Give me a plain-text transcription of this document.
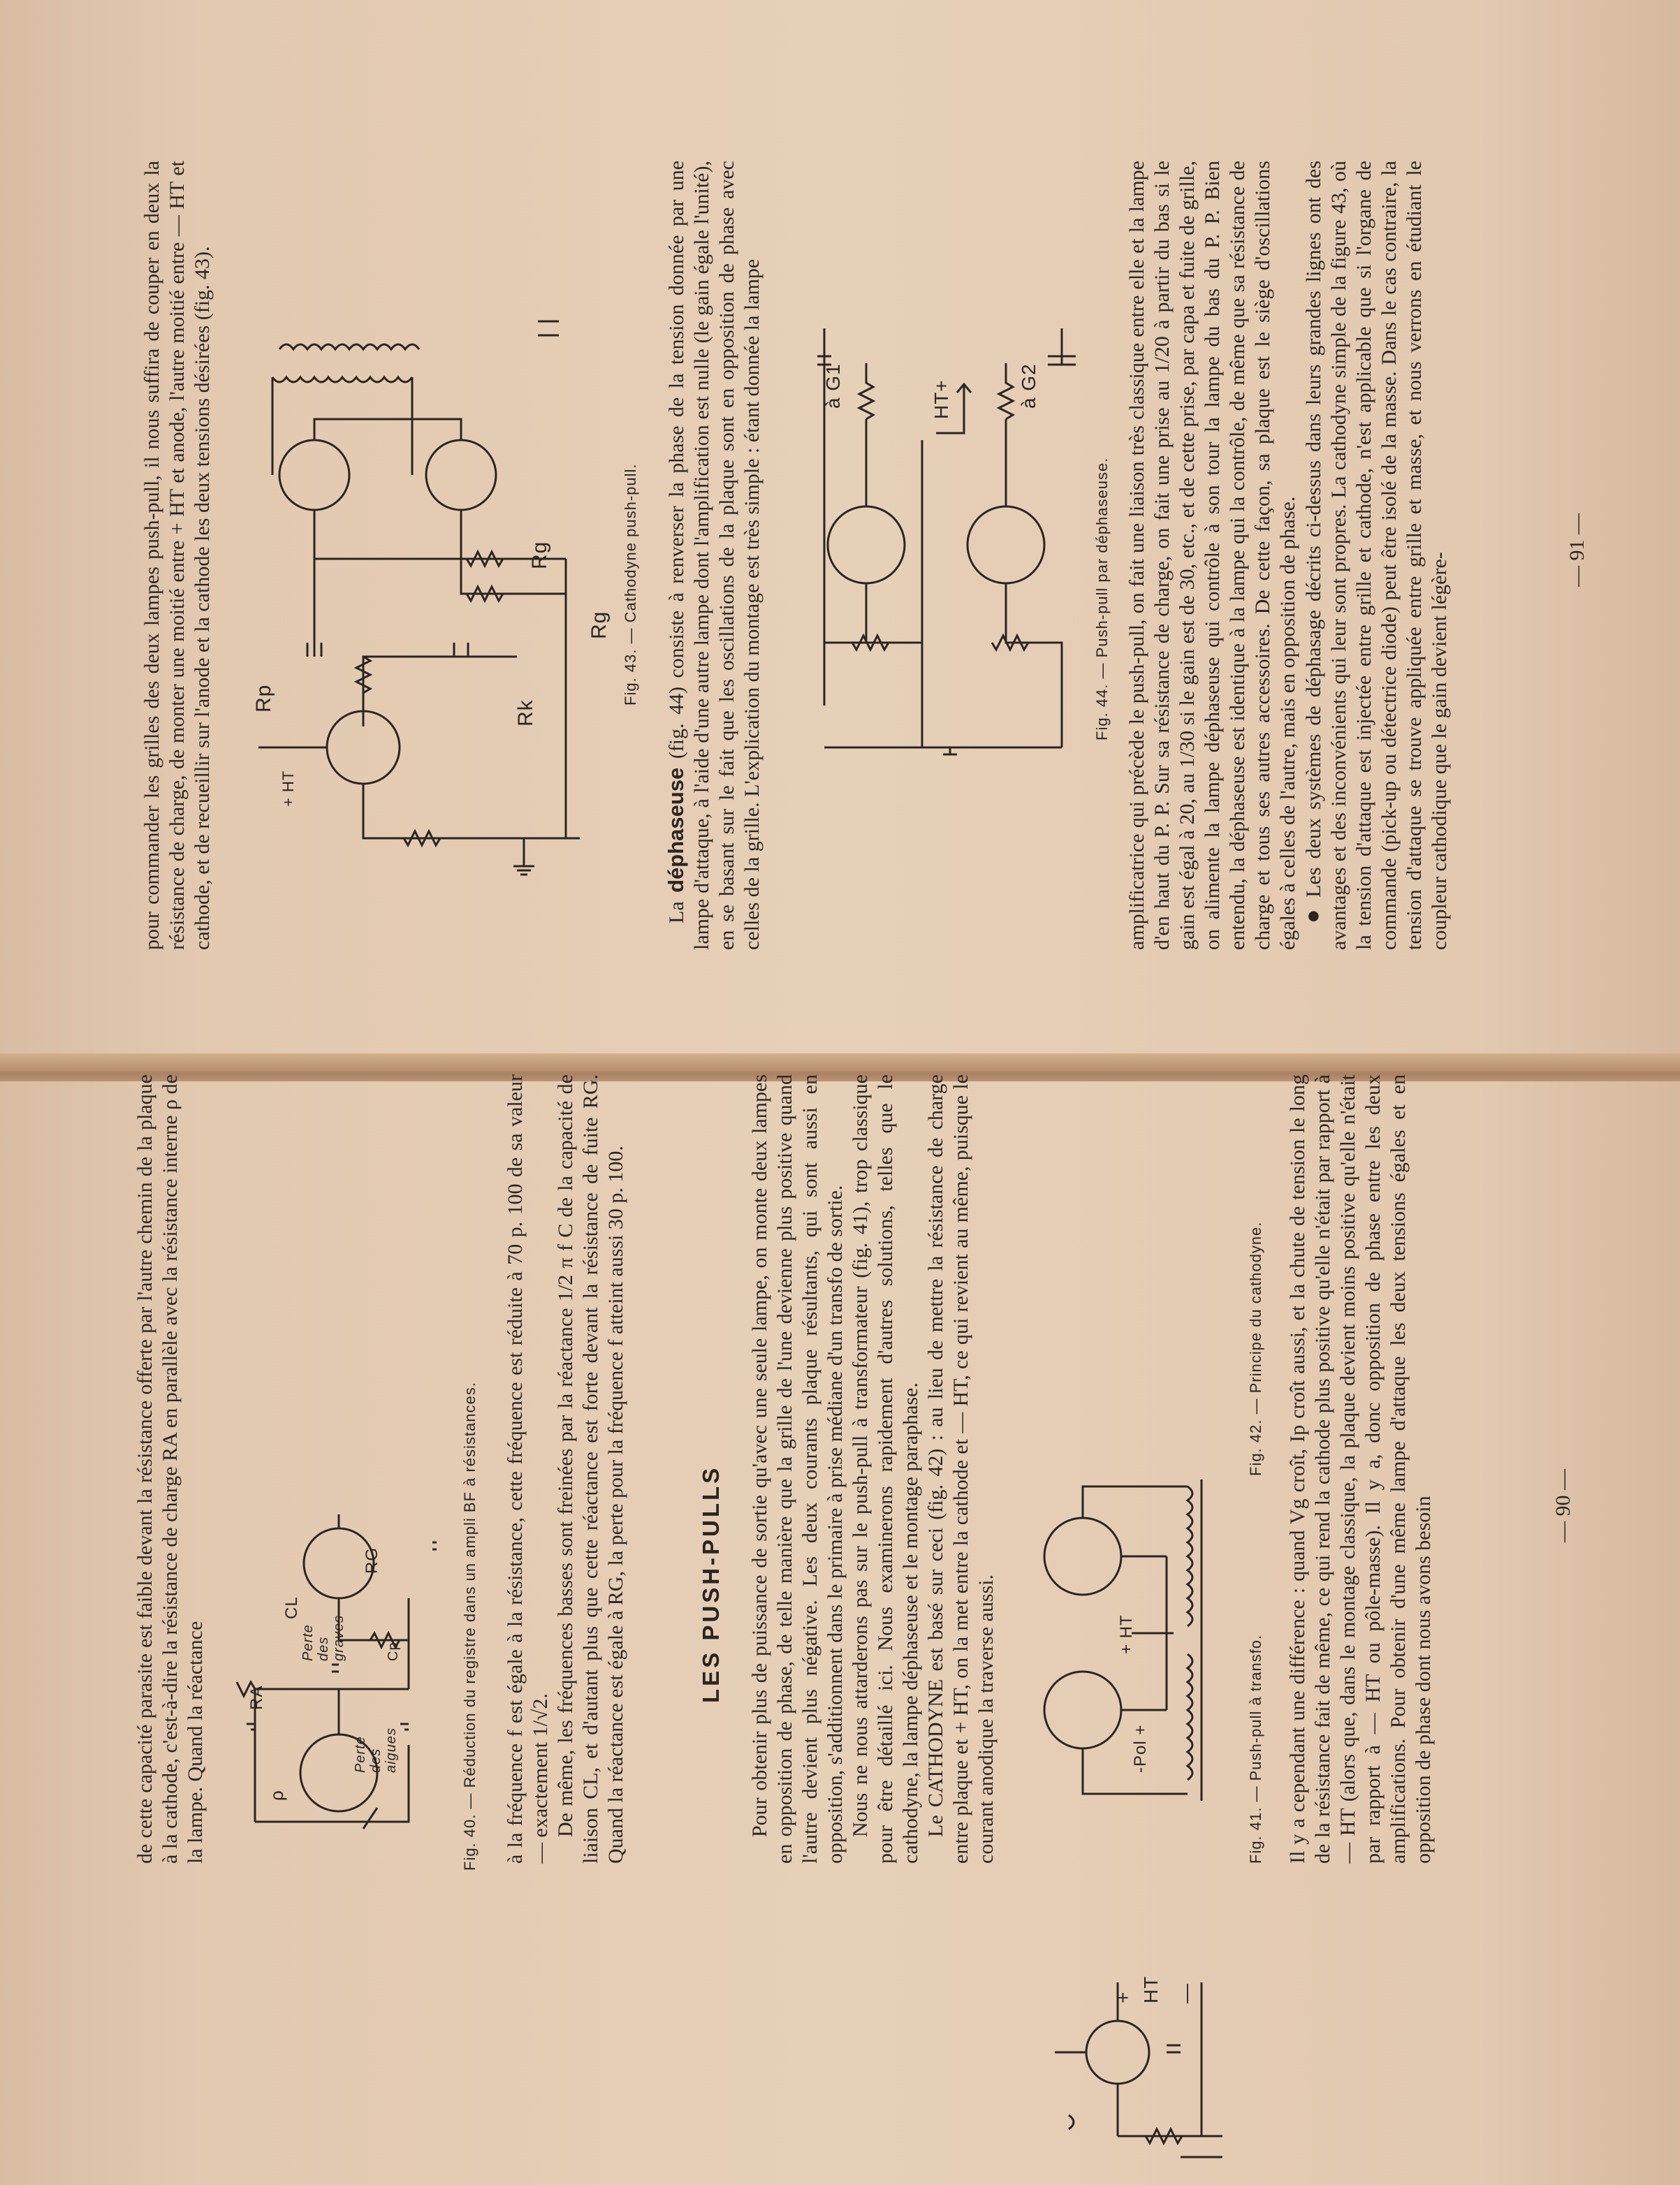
pour commander les grilles des deux lampes push-pull, il nous suffira de couper en deux la résistance de charge, de monter une moitié entre + HT et anode, l'autre moitié entre — HT et cathode, et de recueillir sur l'anode et la cathode les deux tensions désirées (fig. 43).	+ HT
Rp
Rk
Rg
Rg Fig. 43. — Cathodyne push-pull.

La déphaseuse (fig. 44) consiste à renverser la phase de la tension donnée par une lampe d'attaque, à l'aide d'une autre lampe dont l'amplification est nulle (le gain égale l'unité), en se basant sur le fait que les oscillations de la plaque sont en opposition de phase avec celles de la grille. L'explication du montage est très simple : étant donnée la lampe	à G1	HT+	à G2
Fig. 44. — Push-pull par déphaseuse. amplificatrice qui précède le push-pull, on fait une liaison très classique entre elle et la lampe d'en haut du P. P. Sur sa résistance de charge, on fait une prise au 1/20 à partir du bas si le gain est égal à 20, au 1/30 si le gain est de 30, etc., et de cette prise, par capa et fuite de grille, on alimente la lampe déphaseuse qui contrôle à son tour la lampe du bas du P. P. Bien entendu, la déphaseuse est identique à la lampe qui la contrôle, de même que sa résistance de charge et tous ses autres accessoires. De cette façon, sa plaque est le siège d'oscillations égales à celles de l'autre, mais en opposition de phase. ● Les deux systèmes de déphasage décrits ci-dessus dans leurs grandes lignes ont des avantages et des inconvénients qui leur sont propres. La cathodyne simple de la figure 43, où la tension d'attaque est injectée entre grille et cathode, n'est applicable que si l'organe de commande (pick-up ou détectrice diode) peut être isolé de la masse. Dans le cas contraire, la tension d'attaque se trouve appliquée entre grille et masse, et nous verrons en étudiant le coupleur cathodique que le gain devient légère-

— 91 —

de cette capacité parasite est faible devant la résistance offerte par l'autre chemin de la plaque à la cathode, c'est-à-dire la résistance de charge RA en parallèle avec la résistance interne ρ de la lampe. Quand la réactance RA
CL
RG
ρ
Perte des aigues
Perte des graves	Cp	Fig. 40. — Réduction du registre dans un ampli BF à résistances. à la fréquence f est égale à la résistance, cette fréquence est réduite à 70 p. 100 de sa valeur — exactement 1/√2. De même, les fréquences basses sont freinées par la réactance 1/2 π f C de la capacité de liaison CL, et d'autant plus que cette réactance est forte devant la résistance de fuite RG. Quand la réactance est égale à RG, la perte pour la fréquence f atteint aussi 30 p. 100.	LES PUSH-PULLS Pour obtenir plus de puissance de sortie qu'avec une seule lampe, on monte deux lampes en opposition de phase, de telle manière que la grille de l'une devienne plus positive quand l'autre devient plus négative. Les deux courants plaque résultants, qui sont aussi en opposition, s'additionnent dans le primaire à prise médiane d'un transfo de sortie. Nous ne nous attarderons pas sur le push-pull à transformateur (fig. 41), trop classique pour être détaillé ici. Nous examinerons rapidement d'autres solutions, telles que le cathodyne, la lampe déphaseuse et le montage paraphase. Le CATHODYNE est basé sur ceci (fig. 42) : au lieu de mettre la résistance de charge entre plaque et + HT, on la met entre la cathode et — HT, ce qui revient au même, puisque le courant anodique la traverse aussi.	-Pol +
+ HT
+ —
HT
Fig. 41. — Push-pull à transfo.
Fig. 42. — Principe du cathodyne. Il y a cependant une différence : quand Vg croît, Ip croît aussi, et la chute de tension le long de la résistance fait de même, ce qui rend la cathode plus positive qu'elle n'était par rapport à — HT (alors que, dans le montage classique, la plaque devient moins positive qu'elle n'était par rapport à — HT ou pôle-masse). Il y a, donc opposition de phase entre les deux amplifications. Pour obtenir d'une même lampe d'attaque les deux tensions égales et en opposition de phase dont nous avons besoin	— 90 —
